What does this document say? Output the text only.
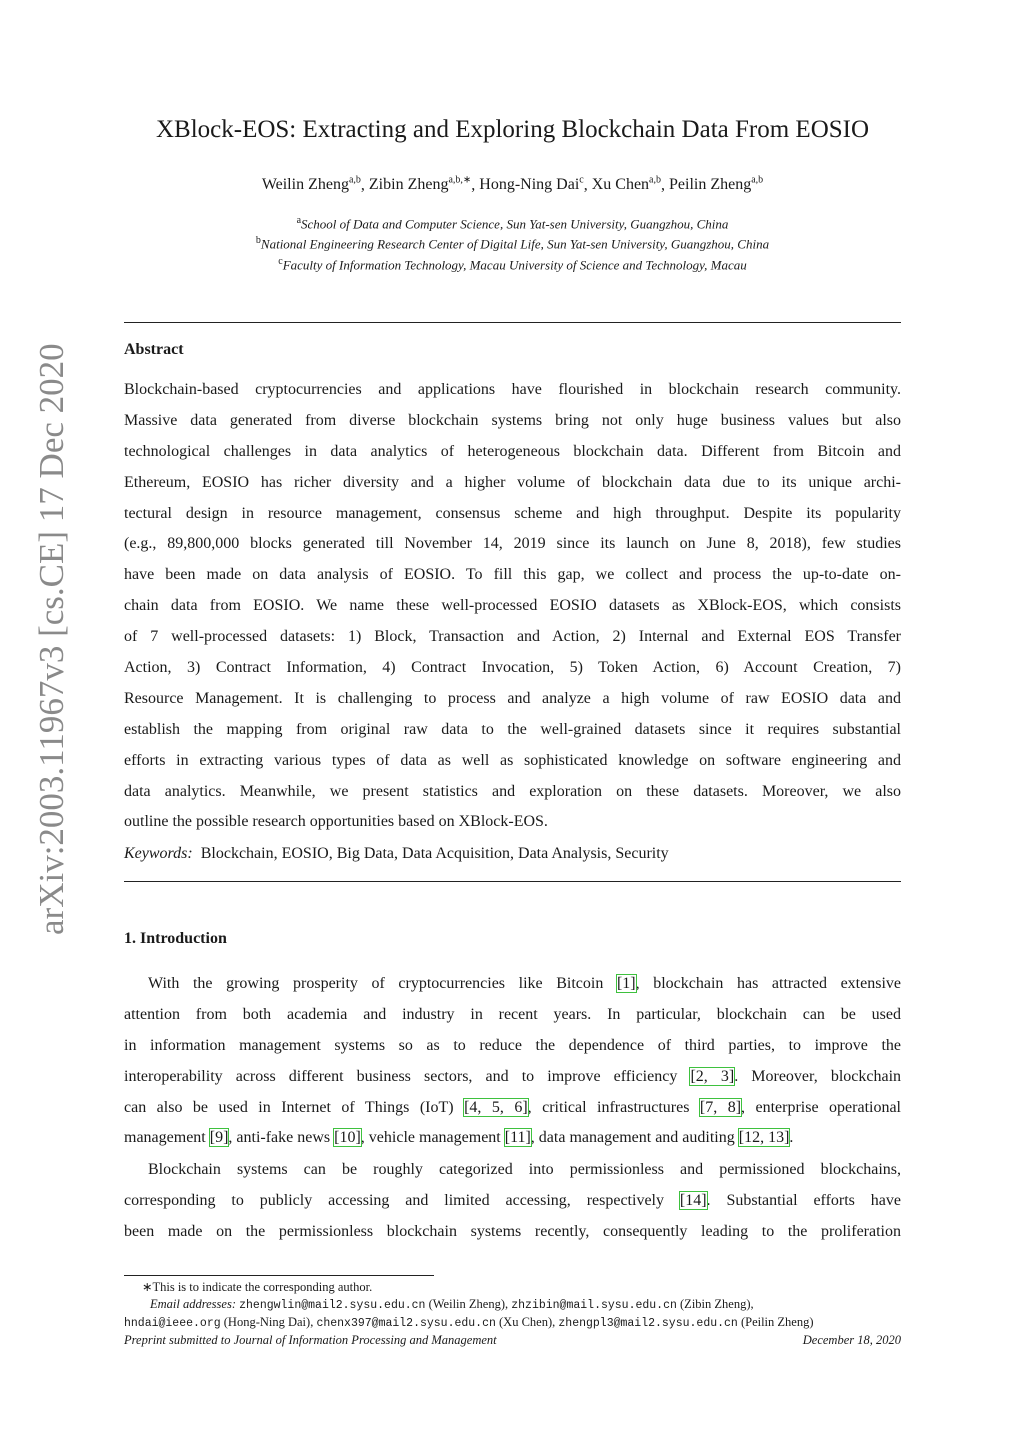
arXiv:2003.11967v3 [cs.CE] 17 Dec 2020
XBlock-EOS: Extracting and Exploring Blockchain Data From EOSIO
Weilin Zheng$^{a,b}$, Zibin Zheng$^{a,b,∗}$, Hong-Ning Dai$^c$, Xu Chen$^{a,b}$, Peilin Zheng$^{a,b}$
$^a$School of Data and Computer Science, Sun Yat-sen University, Guangzhou, China
$^b$National Engineering Research Center of Digital Life, Sun Yat-sen University, Guangzhou, China
$^c$Faculty of Information Technology, Macau University of Science and Technology, Macau
Abstract
Blockchain-based cryptocurrencies and applications have flourished in blockchain research community.
Massive data generated from diverse blockchain systems bring not only huge business values but also
technological challenges in data analytics of heterogeneous blockchain data. Different from Bitcoin and
Ethereum, EOSIO has richer diversity and a higher volume of blockchain data due to its unique archi-
tectural design in resource management, consensus scheme and high throughput. Despite its popularity
(e.g., 89,800,000 blocks generated till November 14, 2019 since its launch on June 8, 2018), few studies
have been made on data analysis of EOSIO. To fill this gap, we collect and process the up-to-date on-
chain data from EOSIO. We name these well-processed EOSIO datasets as XBlock-EOS, which consists
of 7 well-processed datasets: 1) Block, Transaction and Action, 2) Internal and External EOS Transfer
Action, 3) Contract Information, 4) Contract Invocation, 5) Token Action, 6) Account Creation, 7)
Resource Management. It is challenging to process and analyze a high volume of raw EOSIO data and
establish the mapping from original raw data to the well-grained datasets since it requires substantial
efforts in extracting various types of data as well as sophisticated knowledge on software engineering and
data analytics. Meanwhile, we present statistics and exploration on these datasets. Moreover, we also
outline the possible research opportunities based on XBlock-EOS.
Keywords: Blockchain, EOSIO, Big Data, Data Acquisition, Data Analysis, Security
1. Introduction
With the growing prosperity of cryptocurrencies like Bitcoin [1], blockchain has attracted extensive
attention from both academia and industry in recent years. In particular, blockchain can be used
in information management systems so as to reduce the dependence of third parties, to improve the
interoperability across different business sectors, and to improve efficiency [2, 3]. Moreover, blockchain
can also be used in Internet of Things (IoT) [4, 5, 6], critical infrastructures [7, 8], enterprise operational
management [9], anti-fake news [10], vehicle management [11], data management and auditing [12, 13].
Blockchain systems can be roughly categorized into permissionless and permissioned blockchains,
corresponding to publicly accessing and limited accessing, respectively [14]. Substantial efforts have
been made on the permissionless blockchain systems recently, consequently leading to the proliferation
∗This is to indicate the corresponding author.
Email addresses: zhengwlin@mail2.sysu.edu.cn (Weilin Zheng), zhzibin@mail.sysu.edu.cn (Zibin Zheng),
hndai@ieee.org (Hong-Ning Dai), chenx397@mail2.sysu.edu.cn (Xu Chen), zhengpl3@mail2.sysu.edu.cn (Peilin Zheng)
Preprint submitted to Journal of Information Processing and Management	December 18, 2020
